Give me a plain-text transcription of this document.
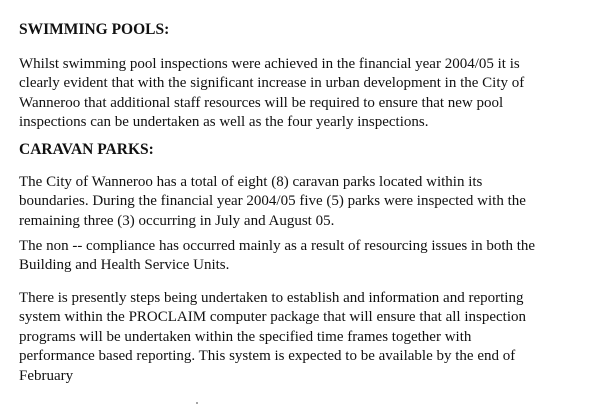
SWIMMING POOLS:

Whilst swimming pool inspections were achieved in the financial year 2004/05 it is
clearly evident that with the significant increase in urban development in the City of
Wanneroo that additional staff resources will be required to ensure that new pool
inspections can be undertaken as well as the four yearly inspections.

CARAVAN PARKS:

The City of Wanneroo has a total of eight (8) caravan parks located within its
boundaries. During the financial year 2004/05 five (5) parks were inspected with the
remaining three (3) occurring in July and August 05.

The non -- compliance has occurred mainly as a result of resourcing issues in both the
Building and Health Service Units.

There is presently steps being undertaken to establish and information and reporting
system within the PROCLAIM computer package that will ensure that all inspection
programs will be undertaken within the specified time frames together with
performance based reporting. This system is expected to be available by the end of
February
